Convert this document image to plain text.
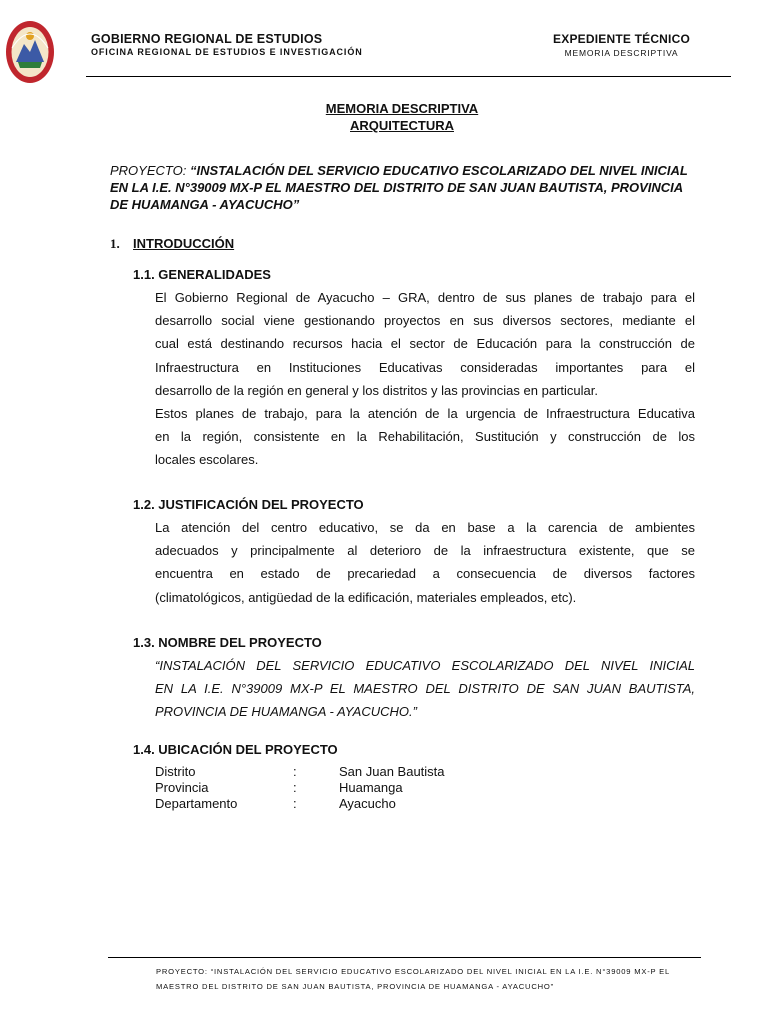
GOBIERNO REGIONAL DE ESTUDIOS
OFICINA REGIONAL DE ESTUDIOS E INVESTIGACIÓN
EXPEDIENTE TÉCNICO
MEMORIA DESCRIPTIVA
MEMORIA DESCRIPTIVA
ARQUITECTURA
PROYECTO: “INSTALACIÓN DEL SERVICIO EDUCATIVO ESCOLARIZADO DEL NIVEL INICIAL EN LA I.E. N°39009 MX-P EL MAESTRO DEL DISTRITO DE SAN JUAN BAUTISTA, PROVINCIA DE HUAMANGA - AYACUCHO”
1. INTRODUCCIÓN
1.1. GENERALIDADES
El Gobierno Regional de Ayacucho – GRA, dentro de sus planes de trabajo para el
desarrollo social viene gestionando proyectos en sus diversos sectores, mediante el
cual está destinando recursos hacia el sector de Educación para la construcción de
Infraestructura en Instituciones Educativas consideradas importantes para el
desarrollo de la región en general y los distritos y las provincias en particular.
Estos planes de trabajo, para la atención de la urgencia de Infraestructura Educativa
en la región, consistente en la Rehabilitación, Sustitución y construcción de los
locales escolares.
1.2. JUSTIFICACIÓN DEL PROYECTO
La atención del centro educativo, se da en base a la carencia de ambientes
adecuados y principalmente al deterioro de la infraestructura existente, que se
encuentra en estado de precariedad a consecuencia de diversos factores
(climatológicos, antigüedad de la edificación, materiales empleados, etc).
1.3. NOMBRE DEL PROYECTO
“INSTALACIÓN DEL SERVICIO EDUCATIVO ESCOLARIZADO DEL NIVEL INICIAL
EN LA I.E. N°39009 MX-P EL MAESTRO DEL DISTRITO DE SAN JUAN BAUTISTA,
PROVINCIA DE HUAMANGA - AYACUCHO.”
1.4. UBICACIÓN DEL PROYECTO
Distrito	:	San Juan Bautista
Provincia	:	Huamanga
Departamento	:	Ayacucho
PROYECTO: “INSTALACIÓN DEL SERVICIO EDUCATIVO ESCOLARIZADO DEL NIVEL INICIAL EN LA I.E. N°39009 MX-P EL
MAESTRO DEL DISTRITO DE SAN JUAN BAUTISTA, PROVINCIA DE HUAMANGA - AYACUCHO”
